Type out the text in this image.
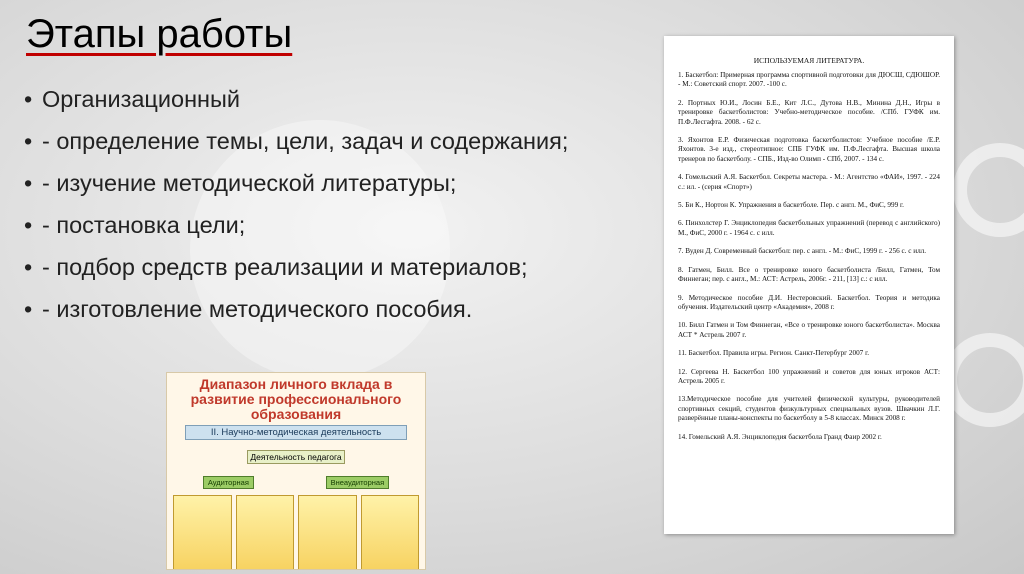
Этапы работы
• Организационный
• - определение темы, цели, задач и содержания;
• - изучение методической литературы;
• - постановка цели;
• - подбор средств реализации и материалов;
• - изготовление методического пособия.
Диапазон личного вклада в развитие профессионального образования
II. Научно-методическая деятельность
Деятельность педагога
Аудиторная	Внеаудиторная
ИСПОЛЬЗУЕМАЯ ЛИТЕРАТУРА.
1. Баскетбол: Примерная программа спортивной подготовки для ДЮСШ, СДЮШОР. - М.: Советский спорт. 2007. -100 с.
2. Портных Ю.И., Лосин Б.Е., Кит Л.С., Дутова Н.В., Минина Д.Н., Игры в тренировке баскетболистов: Учебно-методическое пособие. /СПб. ГУФК им. П.Ф.Лесгафта. 2008. - 62 с.
3. Яхонтов Е.Р. Физическая подготовка баскетболистов: Учебное пособие /Е.Р. Яхонтов. 3-е изд., стереотипное: СПБ ГУФК им. П.Ф.Лесгафта. Высшая школа тренеров по баскетболу. - СПБ., Изд-во Олимп - СПб, 2007. - 134 с.
4. Гомельский А.Я. Баскетбол. Секреты мастера. - М.: Агентство «ФАИ», 1997. - 224 с.: ил. - (серия «Спорт»)
5. Би К., Нортон К. Упражнения в баскетболе. Пер. с англ. М., ФиС, 999 г.
6. Пинхолстер Г. Энциклопедия баскетбольных упражнений (перевод с английского) М., ФиС, 2000 г. - 1964 с. с илл.
7. Вуден Д. Современный баскетбол: пер. с англ. - М.: ФиС, 1999 г. - 256 с. с илл.
8. Гатмен, Билл. Все о тренировке юного баскетболиста /Билл, Гатмен, Том Финнеган; пер. с англ., М.: АСТ: Астрель, 2006г. - 211, [13] с.: с илл.
9. Методическое пособие Д.И. Нестеровский. Баскетбол. Теория и методика обучения. Издательский центр «Академия», 2008 г.
10. Билл Гатмен и Том Финнеган, «Все о тренировке юного баскетболиста». Москва АСТ * Астрель 2007 г.
11. Баскетбол. Правила игры. Регион. Санкт-Петербург 2007 г.
12. Сергеева Н. Баскетбол 100 упражнений и советов для юных игроков АСТ: Астрель 2005 г.
13.Методическое пособие для учителей физической культуры, руководителей спортивных секций, студентов физкультурных специальных вузов. Швачкин Л.Г. разверённые планы-конспекты по баскетболу в 5-8 классах. Минск 2008 г.
14. Гомельский А.Я. Энциклопедия баскетбола Гранд Фаир 2002 г.
